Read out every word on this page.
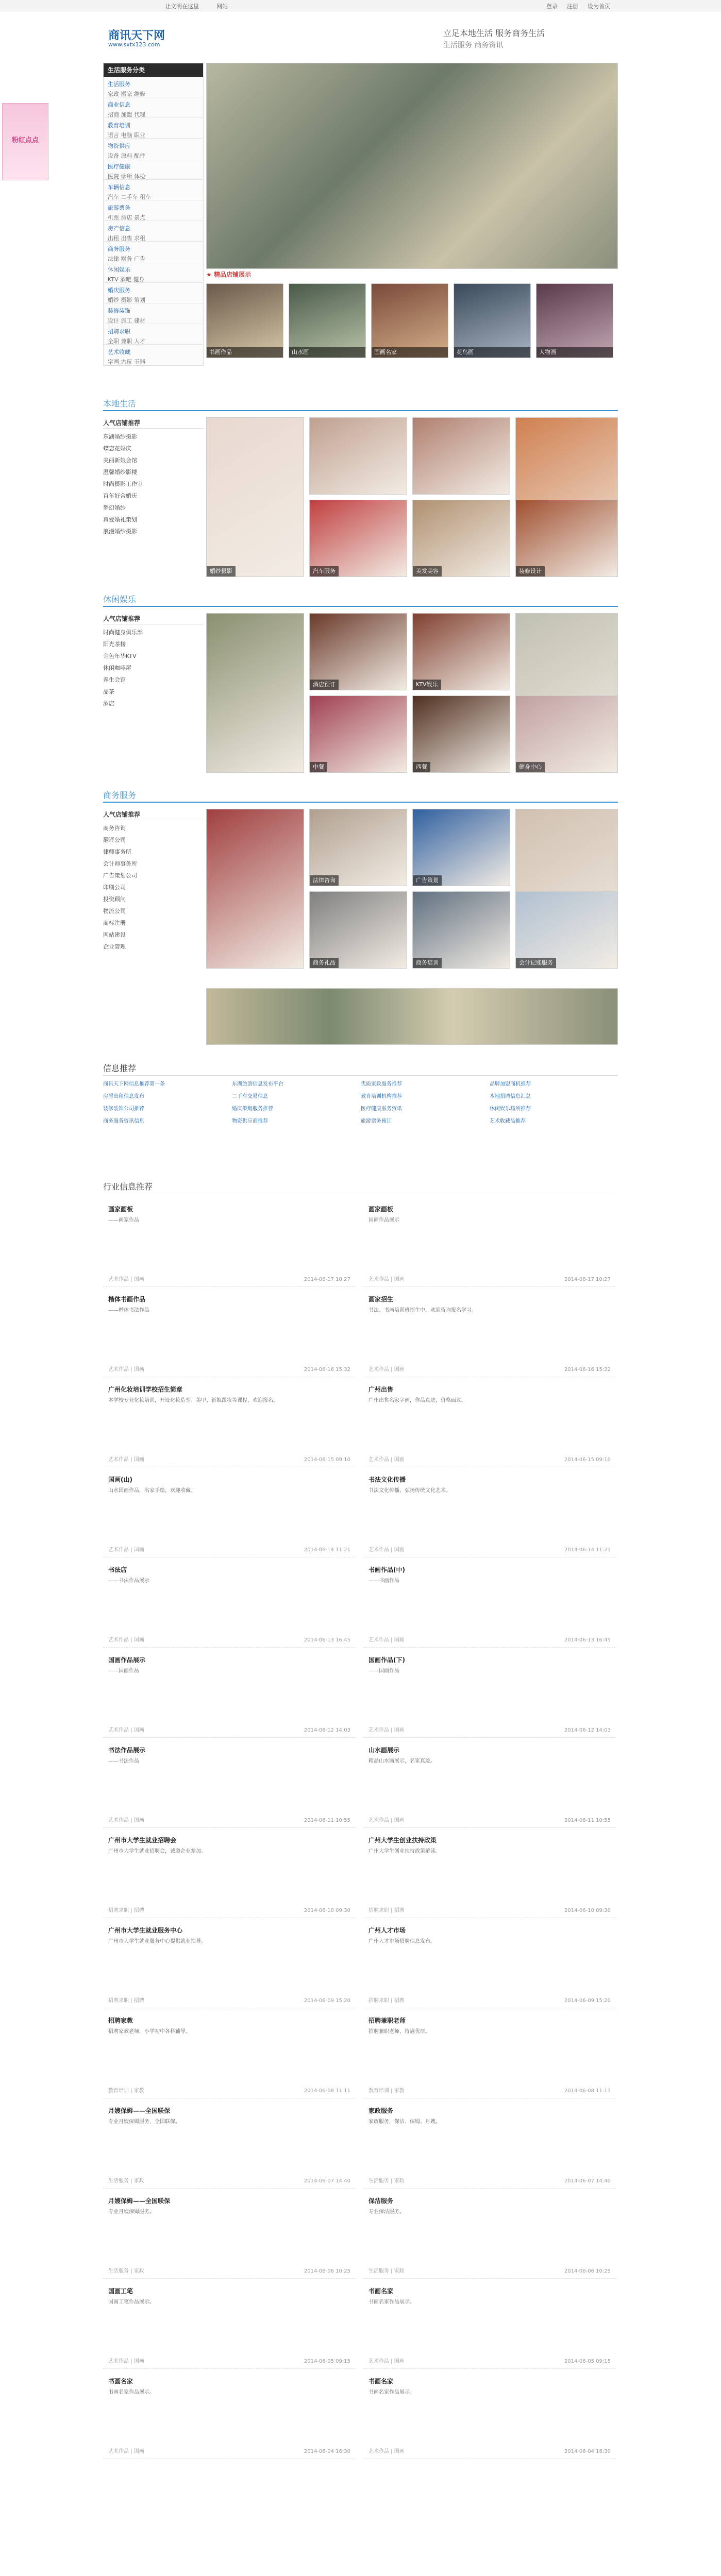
让文明在这里	网站	登录 注册 设为首页
商讯天下网
www.sxtx123.com
立足本地生活 服务商务生活
生活服务 商务资讯
粉红点点
生活服务分类
生活服务
家政 搬家 维修
商业信息
招商 加盟 代理
教育培训
语言 电脑 职业
物资供应
设备 原料 配件
医疗健康
医院 诊所 体检
车辆信息
汽车 二手车 租车
旅游票务
机票 酒店 景点
房产信息
出租 出售 求租
商务服务
法律 财务 广告
休闲娱乐
KTV 酒吧 健身
婚庆服务
婚纱 摄影 策划
装修装饰
设计 施工 建材
招聘求职
全职 兼职 人才
艺术收藏
字画 古玩 玉器
★ 精品店铺展示
书画作品	山水画	国画名家	花鸟画	人物画
本地生活
人气店铺推荐
东湖婚纱摄影
蝶恋花婚庆
美丽新娘会馆
温馨婚纱影楼
时尚摄影工作室
百年好合婚庆
梦幻婚纱
真爱婚礼策划
浪漫婚纱摄影
婚纱摄影	汽车服务	美发美容	装修设计
休闲娱乐
人气店铺推荐
时尚健身俱乐部
阳光茶楼
金色年华KTV
休闲咖啡屋
养生会馆
品茶
酒店
酒店预订	KTV娱乐
中餐	西餐	健身中心
商务服务
人气店铺推荐
商务咨询
翻译公司
律师事务所
会计师事务所
广告策划公司
印刷公司
投资顾问
物流公司
商标注册
网站建设
企业管理
法律咨询	广告策划
商务礼品	商务培训	会计记账服务
信息推荐
商讯天下网信息推荐第一条	东湖旅游信息发布平台	优质家政服务推荐	品牌加盟商机推荐
房屋出租信息发布	二手车交易信息	教育培训机构推荐	本地招聘信息汇总
装修装饰公司推荐	婚庆策划服务推荐	医疗健康服务资讯	休闲娱乐场所推荐
商务服务资讯信息	物资供应商推荐	旅游票务预订	艺术收藏品推荐
行业信息推荐
画家画板
——画家作品
艺术作品 | 国画	2014-06-17 10:27
画家画板
国画作品展示
艺术作品 | 国画	2014-06-17 10:27
楷体书画作品
——楷体书法作品
艺术作品 | 国画	2014-06-16 15:32
画家招生
书法、书画培训班招生中，欢迎咨询报名学习。
艺术作品 | 国画	2014-06-16 15:32
广州化妆培训学校招生简章
本学校专业化妆培训，开设化妆造型、美甲、新娘跟妆等课程，欢迎报名。
艺术作品 | 国画	2014-06-15 09:10
广州出售
广州出售名家字画，作品真迹，价格面议。
艺术作品 | 国画	2014-06-15 09:10
国画(山)
山水国画作品，名家手绘，欢迎收藏。
艺术作品 | 国画	2014-06-14 11:21
书法文化传播
书法文化传播，弘扬传统文化艺术。
艺术作品 | 国画	2014-06-14 11:21
书法店
——书法作品展示
艺术作品 | 国画	2014-06-13 16:45
书画作品(中)
——书画作品
艺术作品 | 国画	2014-06-13 16:45
国画作品展示
——国画作品
艺术作品 | 国画	2014-06-12 14:03
国画作品(下)
——国画作品
艺术作品 | 国画	2014-06-12 14:03
书法作品展示
——书法作品
艺术作品 | 国画	2014-06-11 10:55
山水画展示
精品山水画展示，名家真迹。
艺术作品 | 国画	2014-06-11 10:55
广州市大学生就业招聘会
广州市大学生就业招聘会，诚邀企业参加。
招聘求职 | 招聘	2014-06-10 09:30
广州大学生创业扶持政策
广州大学生创业扶持政策解读。
招聘求职 | 招聘	2014-06-10 09:30
广州市大学生就业服务中心
广州市大学生就业服务中心提供就业指导。
招聘求职 | 招聘	2014-06-09 15:20
广州人才市场
广州人才市场招聘信息发布。
招聘求职 | 招聘	2014-06-09 15:20
招聘家教
招聘家教老师，小学初中各科辅导。
教育培训 | 家教	2014-06-08 11:11
招聘兼职老师
招聘兼职老师，待遇优厚。
教育培训 | 家教	2014-06-08 11:11
月嫂保姆——全国联保
专业月嫂保姆服务，全国联保。
生活服务 | 家政	2014-06-07 14:40
家政服务
家政服务，保洁、保姆、月嫂。
生活服务 | 家政	2014-06-07 14:40
月嫂保姆——全国联保
专业月嫂保姆服务。
生活服务 | 家政	2014-06-06 10:25
保洁服务
专业保洁服务。
生活服务 | 家政	2014-06-06 10:25
国画工笔
国画工笔作品展示。
艺术作品 | 国画	2014-06-05 09:15
书画名家
书画名家作品展示。
艺术作品 | 国画	2014-06-05 09:15
书画名家
书画名家作品展示。
艺术作品 | 国画	2014-06-04 16:30
书画名家
书画名家作品展示。
艺术作品 | 国画	2014-06-04 16:30
